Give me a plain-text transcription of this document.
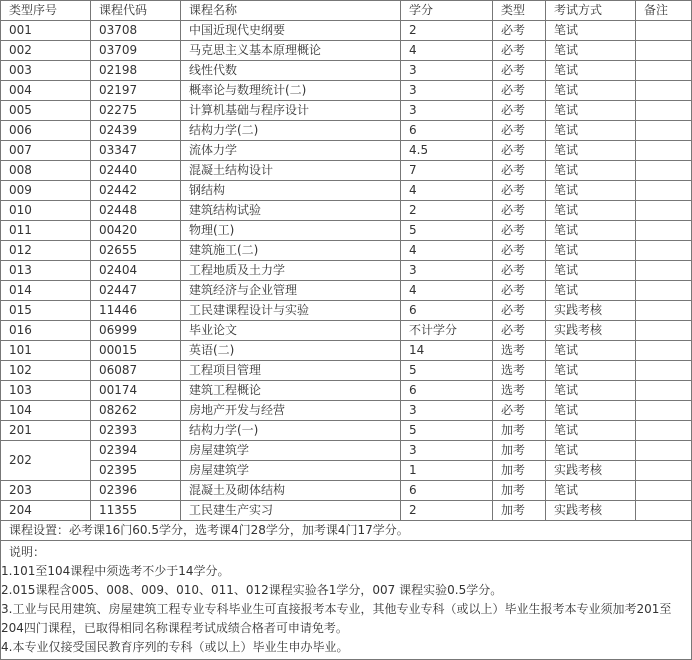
类型序号	课程代码	课程名称	学分	类型	考试方式	备注
001	03708	中国近现代史纲要	2	必考	笔试	
002	03709	马克思主义基本原理概论	4	必考	笔试	
003	02198	线性代数	3	必考	笔试	
004	02197	概率论与数理统计(二)	3	必考	笔试	
005	02275	计算机基础与程序设计	3	必考	笔试	
006	02439	结构力学(二)	6	必考	笔试	
007	03347	流体力学	4.5	必考	笔试	
008	02440	混凝土结构设计	7	必考	笔试	
009	02442	钢结构	4	必考	笔试	
010	02448	建筑结构试验	2	必考	笔试	
011	00420	物理(工)	5	必考	笔试	
012	02655	建筑施工(二)	4	必考	笔试	
013	02404	工程地质及土力学	3	必考	笔试	
014	02447	建筑经济与企业管理	4	必考	笔试	
015	11446	工民建课程设计与实验	6	必考	实践考核	
016	06999	毕业论文	不计学分	必考	实践考核	
101	00015	英语(二)	14	选考	笔试	
102	06087	工程项目管理	5	选考	笔试	
103	00174	建筑工程概论	6	选考	笔试	
104	08262	房地产开发与经营	3	必考	笔试	
201	02393	结构力学(一)	5	加考	笔试	
202	02394	房屋建筑学	3	加考	笔试	
	02395	房屋建筑学	1	加考	实践考核	
203	02396	混凝土及砌体结构	6	加考	笔试	
204	11355	工民建生产实习	2	加考	实践考核	
课程设置：必考课16门60.5学分，选考课4门28学分，加考课4门17学分。						

说明：
1.101至104课程中须选考不少于14学分。
2.015课程含005、008、009、010、011、012课程实验各1学分，007 课程实验0.5学分。
3.工业与民用建筑、房屋建筑工程专业专科毕业生可直接报考本专业，其他专业专科（或以上）毕业生报考本专业须加考201至204四门课程，已取得相同名称课程考试成绩合格者可申请免考。
4.本专业仅接受国民教育序列的专科（或以上）毕业生申办毕业。						
